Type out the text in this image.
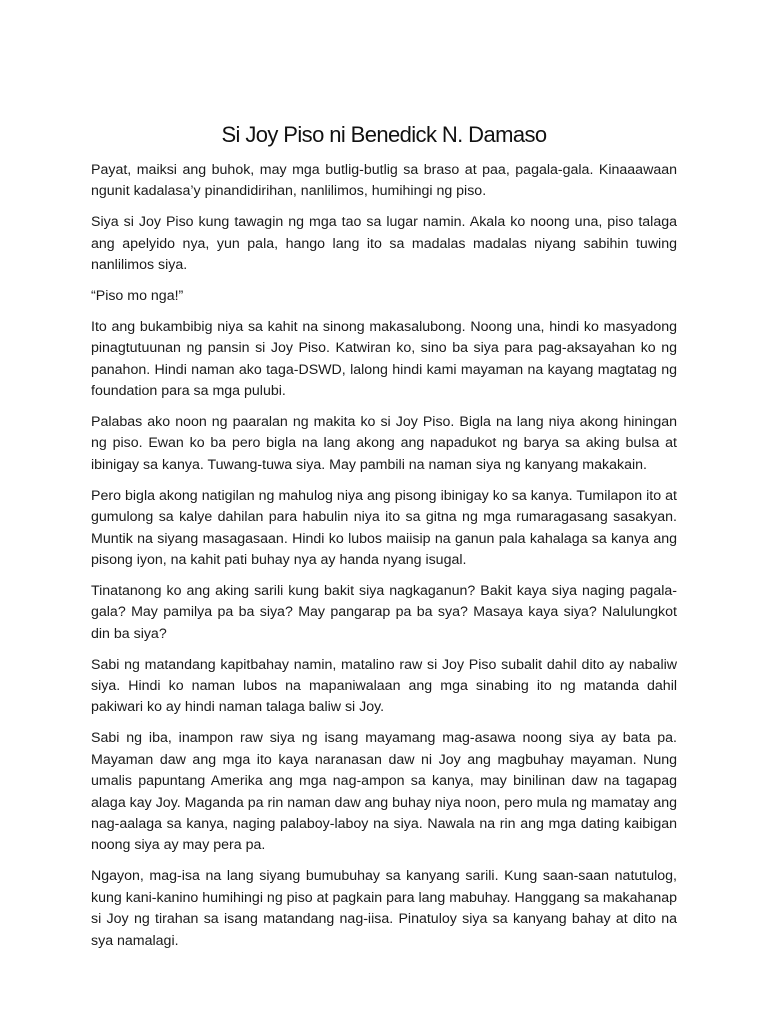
Si Joy Piso ni Benedick N. Damaso

Payat, maiksi ang buhok, may mga butlig-butlig sa braso at paa, pagala-gala. Kinaaawaan ngunit kadalasa’y pinandidirihan, nanlilimos, humihingi ng piso.

Siya si Joy Piso kung tawagin ng mga tao sa lugar namin. Akala ko noong una, piso talaga ang apelyido nya, yun pala, hango lang ito sa madalas madalas niyang sabihin tuwing nanlilimos siya.

“Piso mo nga!”

Ito ang bukambibig niya sa kahit na sinong makasalubong. Noong una, hindi ko masyadong pinagtutuunan ng pansin si Joy Piso. Katwiran ko, sino ba siya para pag-aksayahan ko ng panahon. Hindi naman ako taga-DSWD, lalong hindi kami mayaman na kayang magtatag ng foundation para sa mga pulubi.

Palabas ako noon ng paaralan ng makita ko si Joy Piso. Bigla na lang niya akong hiningan ng piso. Ewan ko ba pero bigla na lang akong ang napadukot ng barya sa aking bulsa at ibinigay sa kanya. Tuwang-tuwa siya. May pambili na naman siya ng kanyang makakain.

Pero bigla akong natigilan ng mahulog niya ang pisong ibinigay ko sa kanya. Tumilapon ito at gumulong sa kalye dahilan para habulin niya ito sa gitna ng mga rumaragasang sasakyan. Muntik na siyang masagasaan. Hindi ko lubos maiisip na ganun pala kahalaga sa kanya ang pisong iyon, na kahit pati buhay nya ay handa nyang isugal.

Tinatanong ko ang aking sarili kung bakit siya nagkaganun? Bakit kaya siya naging pagala-gala? May pamilya pa ba siya? May pangarap pa ba sya? Masaya kaya siya? Nalulungkot din ba siya?

Sabi ng matandang kapitbahay namin, matalino raw si Joy Piso subalit dahil dito ay nabaliw siya. Hindi ko naman lubos na mapaniwalaan ang mga sinabing ito ng matanda dahil pakiwari ko ay hindi naman talaga baliw si Joy.

Sabi ng iba, inampon raw siya ng isang mayamang mag-asawa noong siya ay bata pa. Mayaman daw ang mga ito kaya naranasan daw ni Joy ang magbuhay mayaman. Nung umalis papuntang Amerika ang mga nag-ampon sa kanya, may binilinan daw na tagapag alaga kay Joy. Maganda pa rin naman daw ang buhay niya noon, pero mula ng mamatay ang nag-aalaga sa kanya, naging palaboy-laboy na siya. Nawala na rin ang mga dating kaibigan noong siya ay may pera pa.

Ngayon, mag-isa na lang siyang bumubuhay sa kanyang sarili. Kung saan-saan natutulog, kung kani-kanino humihingi ng piso at pagkain para lang mabuhay. Hanggang sa makahanap si Joy ng tirahan sa isang matandang nag-iisa. Pinatuloy siya sa kanyang bahay at dito na sya namalagi.
